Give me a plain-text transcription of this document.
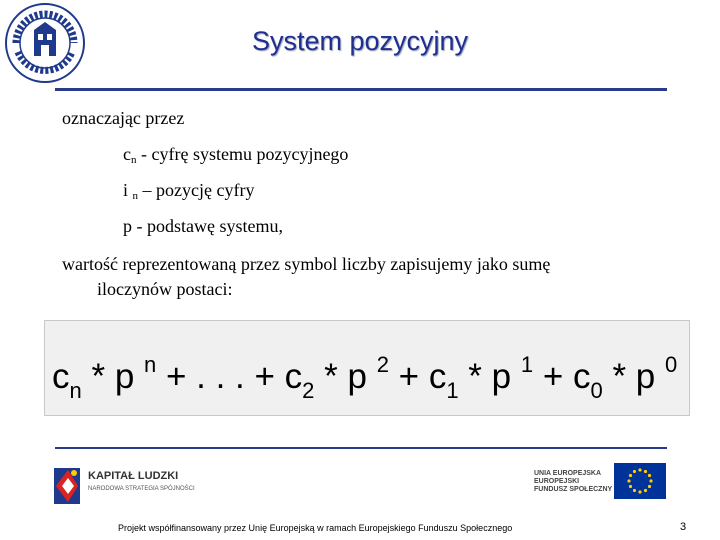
System pozycyjny
oznaczając przez
$c_n$ - cyfrę systemu pozycyjnego
i $_n$ – pozycję cyfry
p - podstawę systemu,
wartość reprezentowaną przez symbol liczby zapisujemy jako sumę
iloczynów postaci:
$c_n$ * p $^n$ + . . . + $c_2$ * p $^2 + c_1 * p$ $^1 + c_0 * p$ $^0$
KAPITAŁ LUDZKI
NARODOWA STRATEGIA SPÓJNOŚCI
UNIA EUROPEJSKA
EUROPEJSKI
FUNDUSZ SPOŁECZNY
Projekt współfinansowany przez Unię Europejską w ramach Europejskiego Funduszu Społecznego	3
